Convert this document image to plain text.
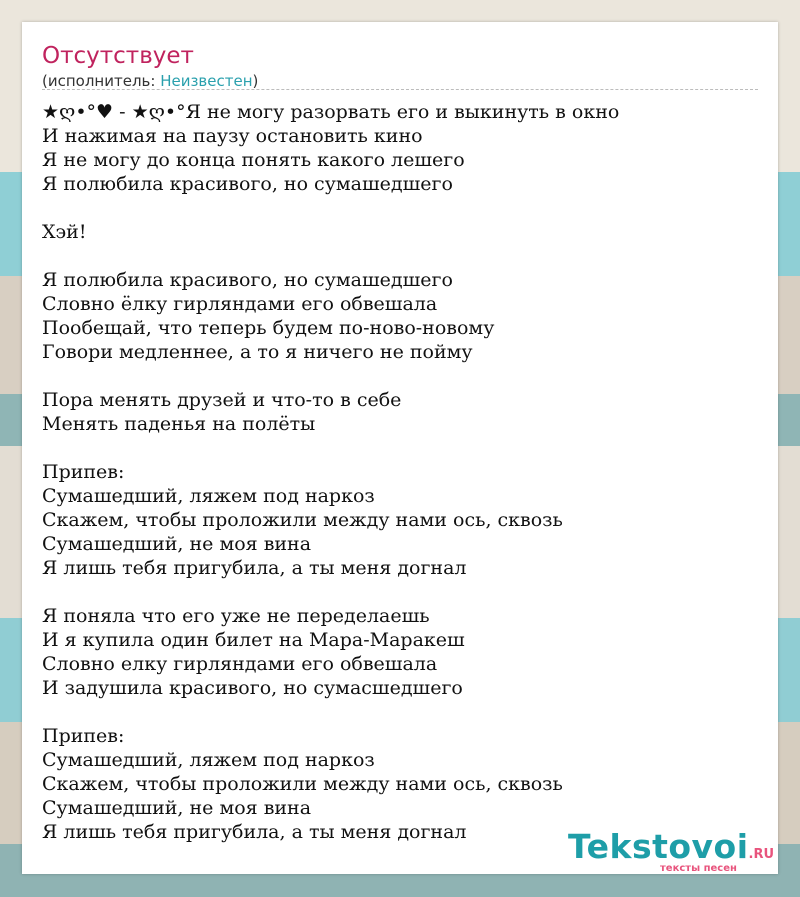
Отсутствует
(исполнитель: Неизвестен)
★ღ•°♥ - ★ღ•°Я не могу разорвать его и выкинуть в окно
И нажимая на паузу остановить кино
Я не могу до конца понять какого лешего
Я полюбила красивого, но сумашедшего
Хэй!
Я полюбила красивого, но сумашедшего
Словно ёлку гирляндами его обвешала
Пообещай, что теперь будем по-ново-новому
Говори медленнее, а то я ничего не пойму
Пора менять друзей и что-то в себе
Менять паденья на полёты
Припев:
Сумашедший, ляжем под наркоз
Скажем, чтобы проложили между нами ось, сквозь
Сумашедший, не моя вина
Я лишь тебя пригубила, а ты меня догнал
Я поняла что его уже не переделаешь
И я купила один билет на Мара-Маракеш
Словно елку гирляндами его обвешала
И задушила красивого, но сумасшедшего
Припев:
Сумашедший, ляжем под наркоз
Скажем, чтобы проложили между нами ось, сквозь
Сумашедший, не моя вина
Я лишь тебя пригубила, а ты меня догнал	Tekstovoi.RU
тексты песен
